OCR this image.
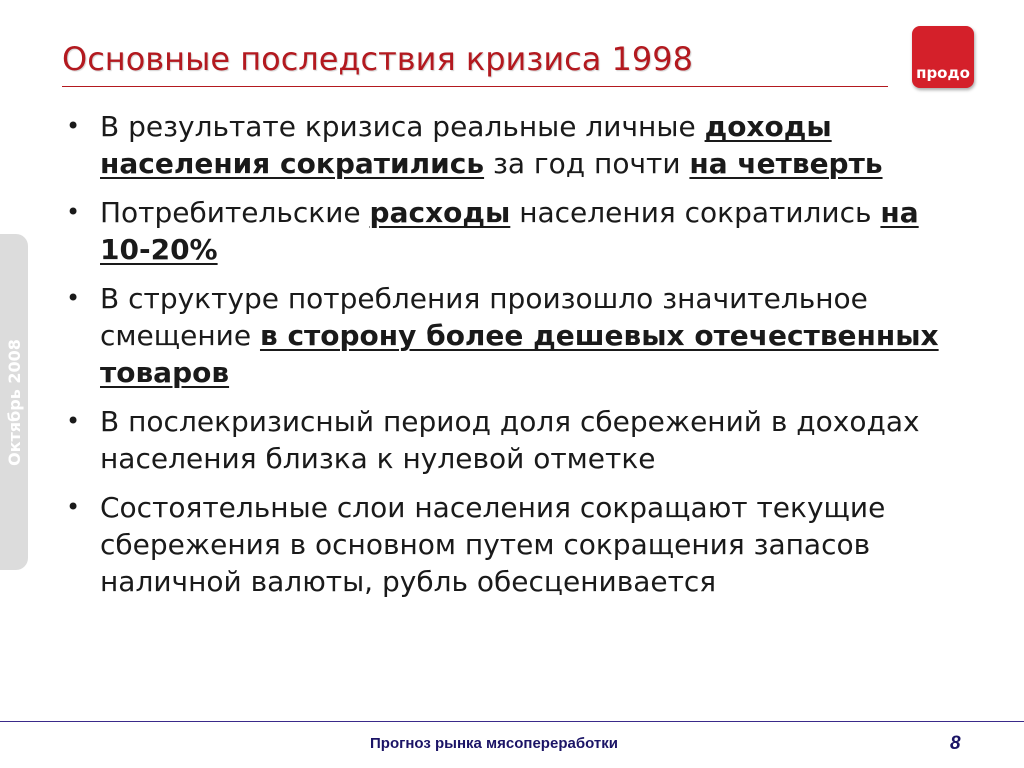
Основные последствия кризиса 1998	продо
Октябрь 2008
• В результате кризиса реальные личные доходы населения сократились за год почти на четверть
• Потребительские расходы населения сократились на 10-20%
• В структуре потребления произошло значительное смещение в сторону более дешевых отечественных товаров
• В послекризисный период доля сбережений в доходах населения близка к нулевой отметке
• Состоятельные слои населения сокращают текущие сбережения в основном путем сокращения запасов наличной валюты, рубль обесценивается
Прогноз рынка мясопереработки	8
